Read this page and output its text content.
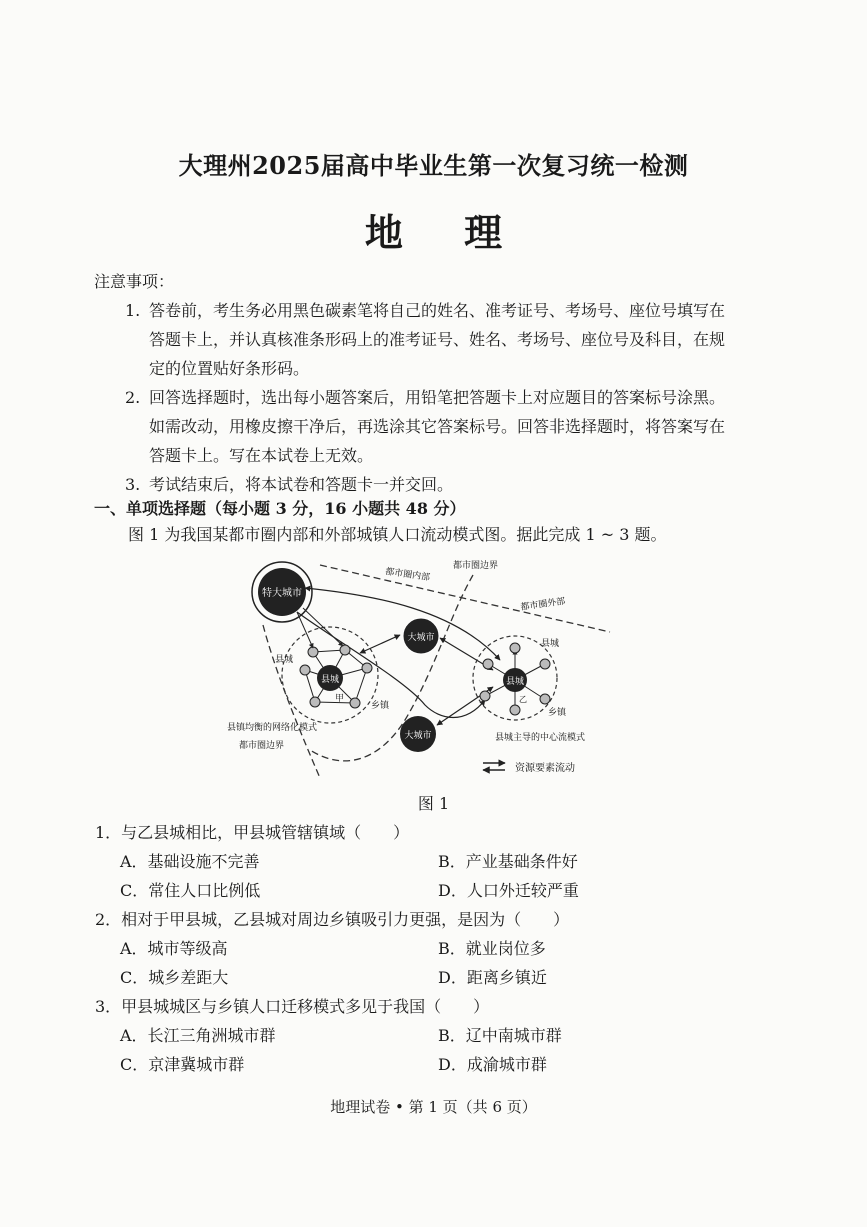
大理州2025届高中毕业生第一次复习统一检测
地 理
注意事项：
1. 答卷前，考生务必用黑色碳素笔将自己的姓名、准考证号、考场号、座位号填写在
答题卡上，并认真核准条形码上的准考证号、姓名、考场号、座位号及科目，在规
定的位置贴好条形码。
2. 回答选择题时，选出每小题答案后，用铅笔把答题卡上对应题目的答案标号涂黑。
如需改动，用橡皮擦干净后，再选涂其它答案标号。回答非选择题时，将答案写在
答题卡上。写在本试卷上无效。
3. 考试结束后，将本试卷和答题卡一并交回。
一、单项选择题（每小题 3 分，16 小题共 48 分）
图 1 为我国某都市圈内部和外部城镇人口流动模式图。据此完成 1 ~ 3 题。
县城
甲
乡镇
县城
县城
乙
县城
乡镇
特大城市
大城市
大城市
都市圈内部
都市圈边界
都市圈外部
县镇均衡的网络化模式
都市圈边界
县城主导的中心流模式
资源要素流动
图 1
1．与乙县城相比，甲县城管辖镇域（　　）
A．基础设施不完善	B．产业基础条件好
C．常住人口比例低	D．人口外迁较严重
2．相对于甲县城，乙县城对周边乡镇吸引力更强，是因为（　　）
A．城市等级高	B．就业岗位多
C．城乡差距大	D．距离乡镇近
3．甲县城城区与乡镇人口迁移模式多见于我国（　　）
A．长江三角洲城市群	B．辽中南城市群
C．京津冀城市群	D．成渝城市群
地理试卷 • 第 1 页（共 6 页）
